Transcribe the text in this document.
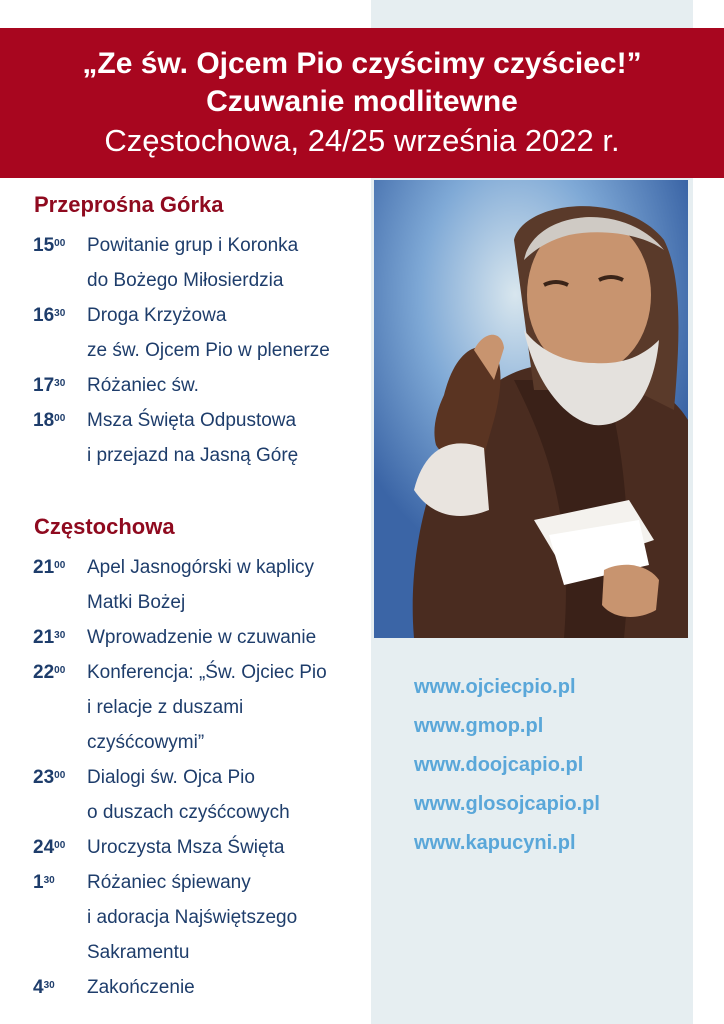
„Ze św. Ojcem Pio czyścimy czyściec!”
Czuwanie modlitewne
Częstochowa, 24/25 września 2022 r.
Przeprośna Górka
$15^{00}$	Powitanie grup i Koronka
do Bożego Miłosierdzia
$16^{30}$	Droga Krzyżowa
ze św. Ojcem Pio w plenerze
$17^{30}$	Różaniec św.
$18^{00}$	Msza Święta Odpustowa
i przejazd na Jasną Górę
Częstochowa
$21^{00}$	Apel Jasnogórski w kaplicy
Matki Bożej
$21^{30}$	Wprowadzenie w czuwanie
$22^{00}$	Konferencja: „Św. Ojciec Pio
i relacje z duszami
czyśćcowymi”
$23^{00}$	Dialogi św. Ojca Pio
o duszach czyśćcowych
$24^{00}$	Uroczysta Msza Święta
$1^{30}$	Różaniec śpiewany
i adoracja Najświętszego
Sakramentu
$4^{30}$	Zakończenie
www.ojciecpio.pl
www.gmop.pl
www.doojcapio.pl
www.glosojcapio.pl
www.kapucyni.pl
